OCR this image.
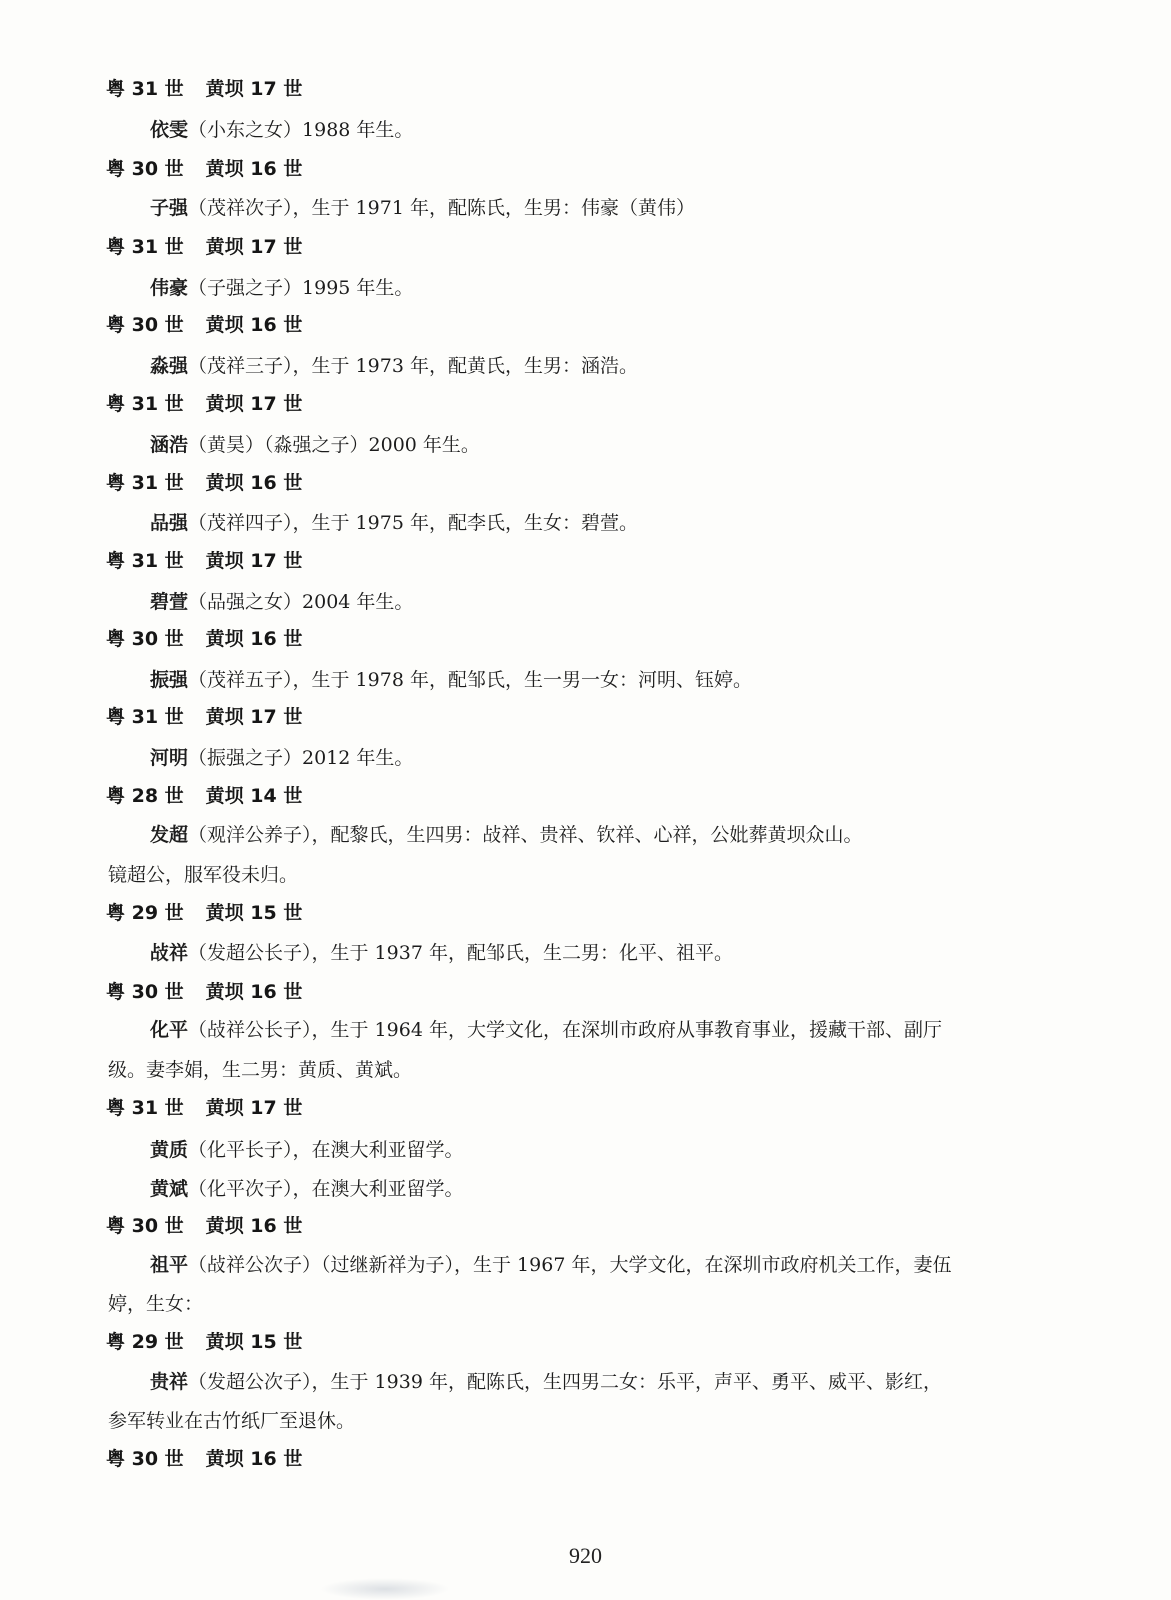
粤 31 世 黄坝 17 世
依雯（小东之女）1988 年生。
粤 30 世 黄坝 16 世
子强（茂祥次子），生于 1971 年，配陈氏，生男：伟豪（黄伟）
粤 31 世 黄坝 17 世
伟豪（子强之子）1995 年生。
粤 30 世 黄坝 16 世
淼强（茂祥三子），生于 1973 年，配黄氏，生男：涵浩。
粤 31 世 黄坝 17 世
涵浩（黄昊）（淼强之子）2000 年生。
粤 31 世 黄坝 16 世
品强（茂祥四子），生于 1975 年，配李氏，生女：碧萱。
粤 31 世 黄坝 17 世
碧萱（品强之女）2004 年生。
粤 30 世 黄坝 16 世
振强（茂祥五子），生于 1978 年，配邹氏，生一男一女：河明、钰婷。
粤 31 世 黄坝 17 世
河明（振强之子）2012 年生。
粤 28 世 黄坝 14 世
发超（观洋公养子），配黎氏，生四男：敁祥、贵祥、钦祥、心祥，公妣葬黄坝众山。
镜超公，服军役未归。
粤 29 世 黄坝 15 世
敁祥（发超公长子），生于 1937 年，配邹氏，生二男：化平、祖平。
粤 30 世 黄坝 16 世
化平（敁祥公长子），生于 1964 年，大学文化，在深圳市政府从事教育事业，援藏干部、副厅
级。妻李娟，生二男：黄质、黄斌。
粤 31 世 黄坝 17 世
黄质（化平长子），在澳大利亚留学。
黄斌（化平次子），在澳大利亚留学。
粤 30 世 黄坝 16 世
祖平（敁祥公次子）（过继新祥为子），生于 1967 年，大学文化，在深圳市政府机关工作，妻伍
婷，生女：
粤 29 世 黄坝 15 世
贵祥（发超公次子），生于 1939 年，配陈氏，生四男二女：乐平，声平、勇平、威平、影红，
参军转业在古竹纸厂至退休。
粤 30 世 黄坝 16 世
920
